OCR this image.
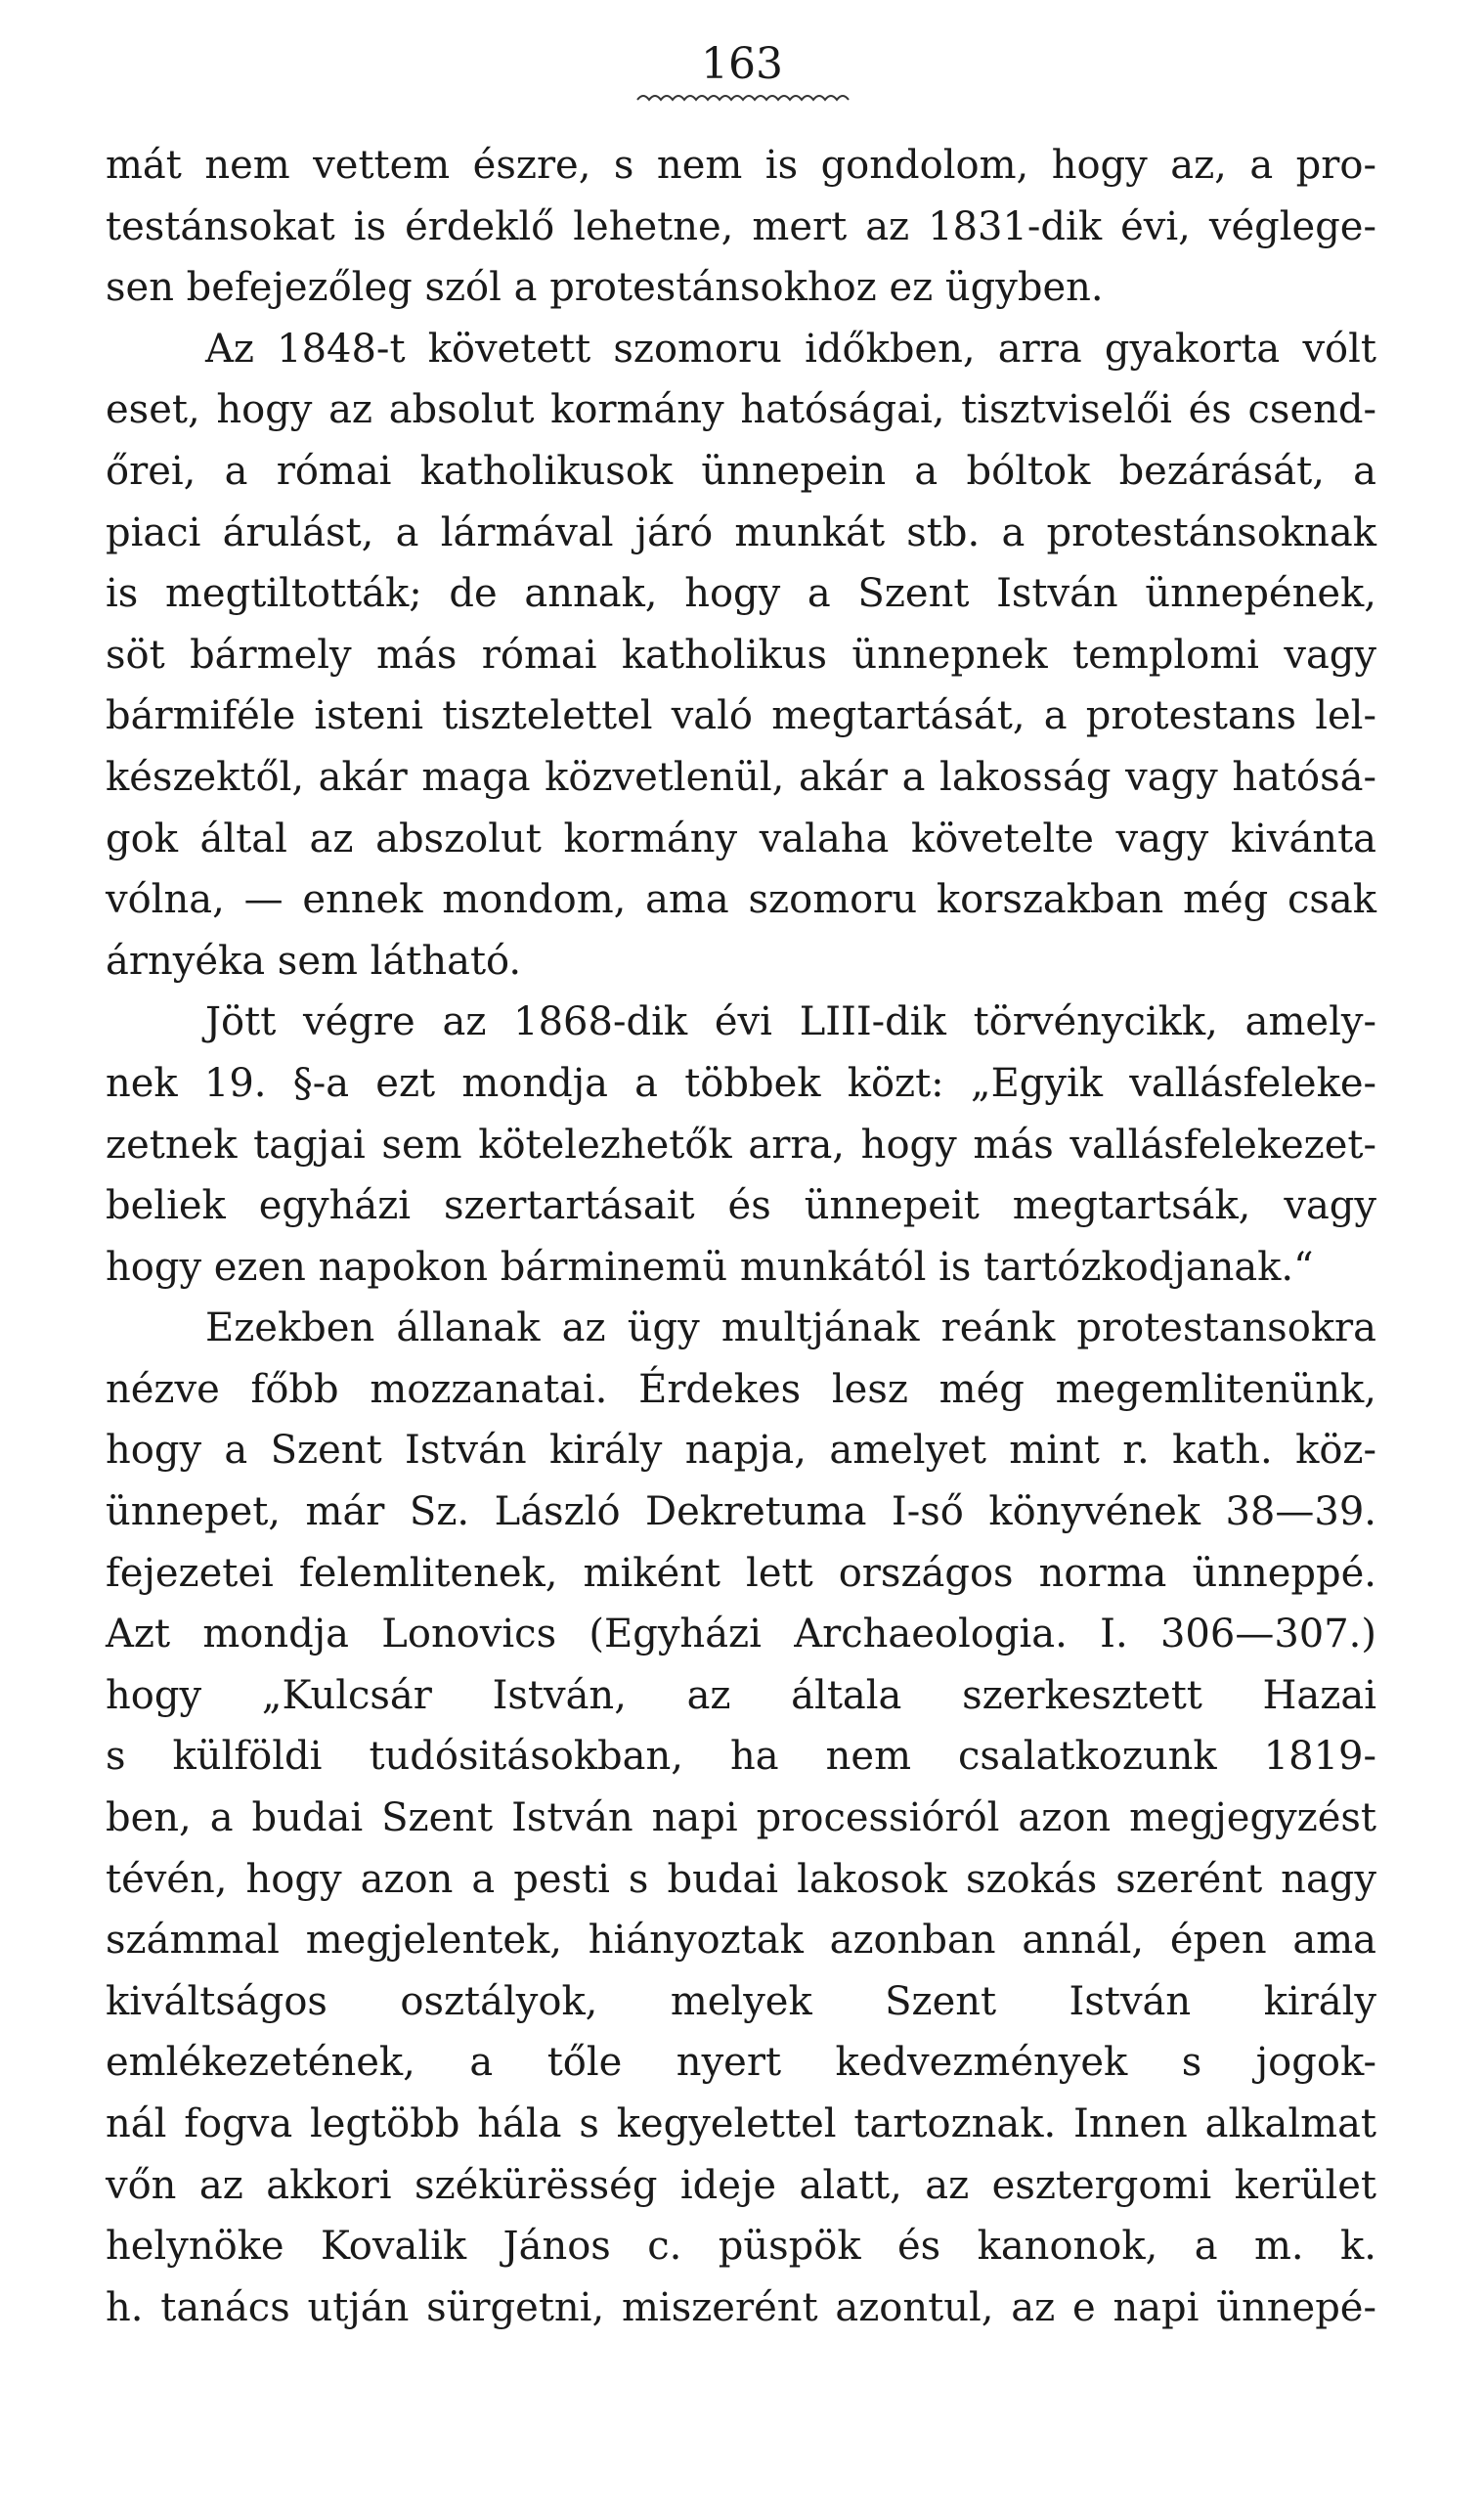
163
mát nem vettem észre, s nem is gondolom, hogy az, a pro-
testánsokat is érdeklő lehetne, mert az 1831-dik évi, véglege-
sen befejezőleg szól a protestánsokhoz ez ügyben.
Az 1848-t követett szomoru időkben, arra gyakorta vólt
eset, hogy az absolut kormány hatóságai, tisztviselői és csend-
őrei, a római katholikusok ünnepein a bóltok bezárását, a
piaci árulást, a lármával járó munkát stb. a protestánsoknak
is megtiltották; de annak, hogy a Szent István ünnepének,
söt bármely más római katholikus ünnepnek templomi vagy
bármiféle isteni tisztelettel való megtartását, a protestans lel-
készektől, akár maga közvetlenül, akár a lakosság vagy hatósá-
gok által az abszolut kormány valaha követelte vagy kivánta
vólna, — ennek mondom, ama szomoru korszakban még csak
árnyéka sem látható.
Jött végre az 1868-dik évi LIII-dik törvénycikk, amely-
nek 19. §-a ezt mondja a többek közt: „Egyik vallásfeleke-
zetnek tagjai sem kötelezhetők arra, hogy más vallásfelekezet-
beliek egyházi szertartásait és ünnepeit megtartsák, vagy
hogy ezen napokon bárminemü munkától is tartózkodjanak.“
Ezekben állanak az ügy multjának reánk protestansokra
nézve főbb mozzanatai. Érdekes lesz még megemlitenünk,
hogy a Szent István király napja, amelyet mint r. kath. köz-
ünnepet, már Sz. László Dekretuma I-ső könyvének 38—39.
fejezetei felemlitenek, miként lett országos norma ünneppé.
Azt mondja Lonovics (Egyházi Archaeologia. I. 306—307.)
hogy „Kulcsár István, az általa szerkesztett Hazai
s külföldi tudósitásokban, ha nem csalatkozunk 1819-
ben, a budai Szent István napi processióról azon megjegyzést
tévén, hogy azon a pesti s budai lakosok szokás szerént nagy
számmal megjelentek, hiányoztak azonban annál, épen ama
kiváltságos osztályok, melyek Szent István király
emlékezetének, a tőle nyert kedvezmények s jogok-
nál fogva legtöbb hála s kegyelettel tartoznak. Innen alkalmat
vőn az akkori székürësség ideje alatt, az esztergomi kerület
helynöke Kovalik János c. püspök és kanonok, a m. k.
h. tanács utján sürgetni, miszerént azontul, az e napi ünnepé-
